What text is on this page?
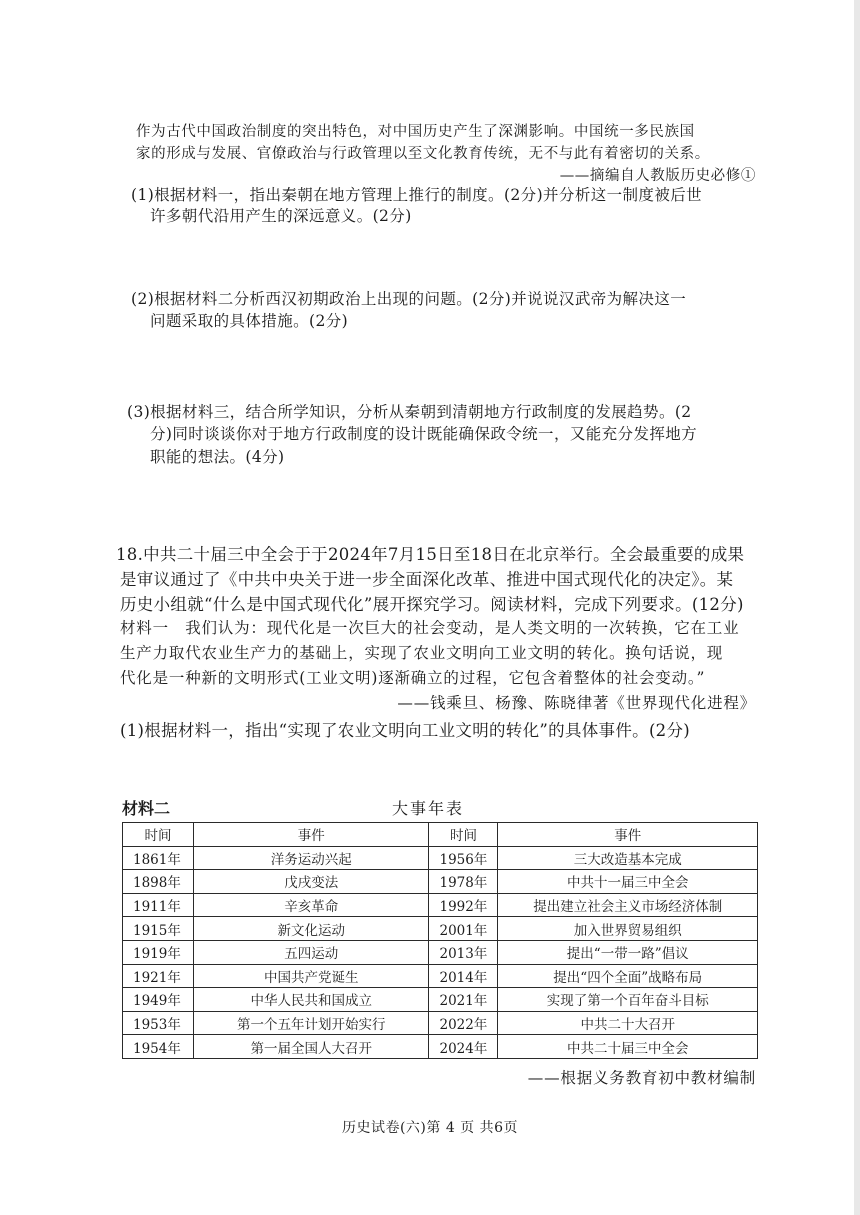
作为古代中国政治制度的突出特色，对中国历史产生了深渊影响。中国统一多民族国
家的形成与发展、官僚政治与行政管理以至文化教育传统，无不与此有着密切的关系。
——摘编自人教版历史必修①
(1)根据材料一，指出秦朝在地方管理上推行的制度。(2分)并分析这一制度被后世
许多朝代沿用产生的深远意义。(2分)
(2)根据材料二分析西汉初期政治上出现的问题。(2分)并说说汉武帝为解决这一
问题采取的具体措施。(2分)
(3)根据材料三，结合所学知识，分析从秦朝到清朝地方行政制度的发展趋势。(2
分)同时谈谈你对于地方行政制度的设计既能确保政令统一，又能充分发挥地方
职能的想法。(4分)
18.中共二十届三中全会于于2024年7月15日至18日在北京举行。全会最重要的成果
是审议通过了《中共中央关于进一步全面深化改革、推进中国式现代化的决定》。某
历史小组就“什么是中国式现代化”展开探究学习。阅读材料，完成下列要求。(12分)
材料一　我们认为：现代化是一次巨大的社会变动，是人类文明的一次转换，它在工业
生产力取代农业生产力的基础上，实现了农业文明向工业文明的转化。换句话说，现
代化是一种新的文明形式(工业文明)逐渐确立的过程，它包含着整体的社会变动。”
——钱乘旦、杨豫、陈晓律著《世界现代化进程》
(1)根据材料一，指出“实现了农业文明向工业文明的转化”的具体事件。(2分)
材料二	大事年表
时间	事件	时间	事件
1861年	洋务运动兴起	1956年	三大改造基本完成
1898年	戊戌变法	1978年	中共十一届三中全会
1911年	辛亥革命	1992年	提出建立社会主义市场经济体制
1915年	新文化运动	2001年	加入世界贸易组织
1919年	五四运动	2013年	提出“一带一路”倡议
1921年	中国共产党诞生	2014年	提出“四个全面”战略布局
1949年	中华人民共和国成立	2021年	实现了第一个百年奋斗目标
1953年	第一个五年计划开始实行	2022年	中共二十大召开
1954年	第一届全国人大召开	2024年	中共二十届三中全会
——根据义务教育初中教材编制
历史试卷(六)第 4 页 共6页
